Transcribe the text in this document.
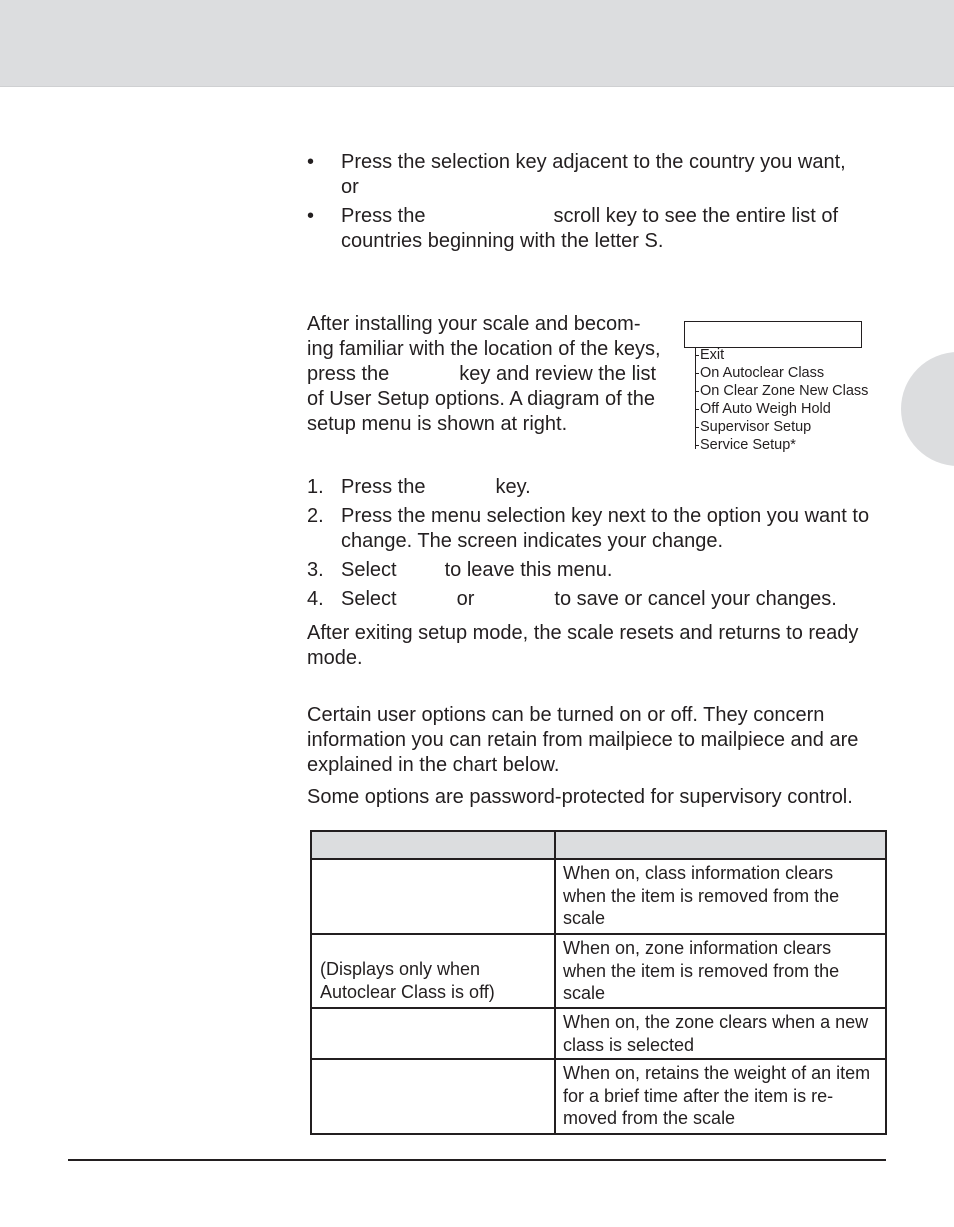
• Press the selection key adjacent to the country you want,
or
• Press the	scroll key to see the entire list of
countries beginning with the letter S.
After installing your scale and becom-
ing familiar with the location of the keys,
press the	key and review the list
of User Setup options. A diagram of the
setup menu is shown at right.
Exit
On Autoclear Class
On Clear Zone New Class
Off Auto Weigh Hold
Supervisor Setup
Service Setup*
1. Press the	key.
2. Press the menu selection key next to the option you want to change. The screen indicates your change.
3. Select to leave this menu.
4. Select	or	to save or cancel your changes.

After exiting setup mode, the scale resets and returns to ready mode.

Certain user options can be turned on or off. They concern information you can retain from mailpiece to mailpiece and are explained in the chart below.

Some options are password-protected for supervisory control.

	When on, class information clears when the item is removed from the scale
(Displays only when Autoclear Class is off)	When on, zone information clears when the item is removed from the scale
	When on, the zone clears when a new class is selected
	When on, retains the weight of an item for a brief time after the item is re-moved from the scale
